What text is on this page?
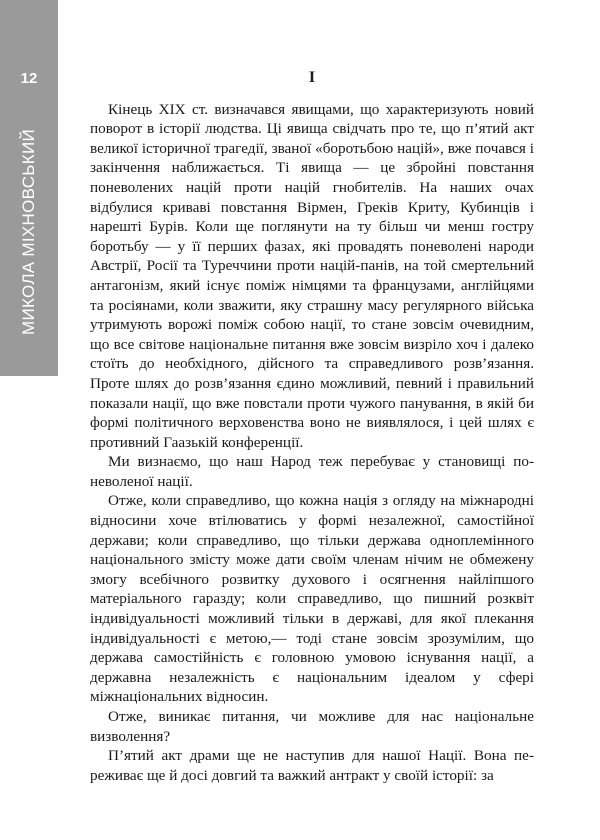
12
МИКОЛА МІХНОВСЬКИЙ
I

Кінець XIX ст. визначався явищами, що характеризують новий поворот в історії людства. Ці явища свідчать про те, що п’ятий акт великої історичної трагедії, званої «боротьбою націй», вже почався і закінчення наближається. Ті явища — це збройні повстання поневолених націй проти націй гнобителів. На наших очах відбулися криваві повстання Вірмен, Греків Криту, Кубинців і нарешті Бурів. Коли ще поглянути на ту більш чи менш гостру боротьбу — у її перших фазах, які провадять поневолені народи Австрії, Росії та Туреччини проти націй-панів, на той смертельний антагонізм, який існує поміж німцями та французами, англійцями та росіянами, коли зважити, яку страшну масу регулярного війська утримують ворожі поміж собою нації, то стане зовсім очевидним, що все світове національне питання вже зовсім визріло хоч і далеко стоїть до необхідного, дійсного та справедливого розв’язання. Проте шлях до розв’язання єдино можливий, певний і правильний показали нації, що вже повстали проти чужого панування, в якій би формі політичного верховенства воно не виявлялося, і цей шлях є противний Гаазькій конференції.

Ми визнаємо, що наш Народ теж перебуває у становищі поневоленої нації.

Отже, коли справедливо, що кожна нація з огляду на міжнародні відносини хоче втілюватись у формі незалежної, самостійної держави; коли справедливо, що тільки держава одноплемінного національного змісту може дати своїм членам нічим не обмежену змогу всебічного розвитку духового і осягнення найліпшого матеріального гаразду; коли справедливо, що пишний розквіт індивідуальності можливий тільки в державі, для якої плекання індивідуальності є метою,— тоді стане зовсім зрозумілим, що держава самостійність є головною умовою існування нації, а державна незалежність є національним ідеалом у сфері міжнаціональних відносин.

Отже, виникає питання, чи можливе для нас національне визволення?

П’ятий акт драми ще не наступив для нашої Нації. Вона переживає ще й досі довгий та важкий антракт у своїй історії: за
